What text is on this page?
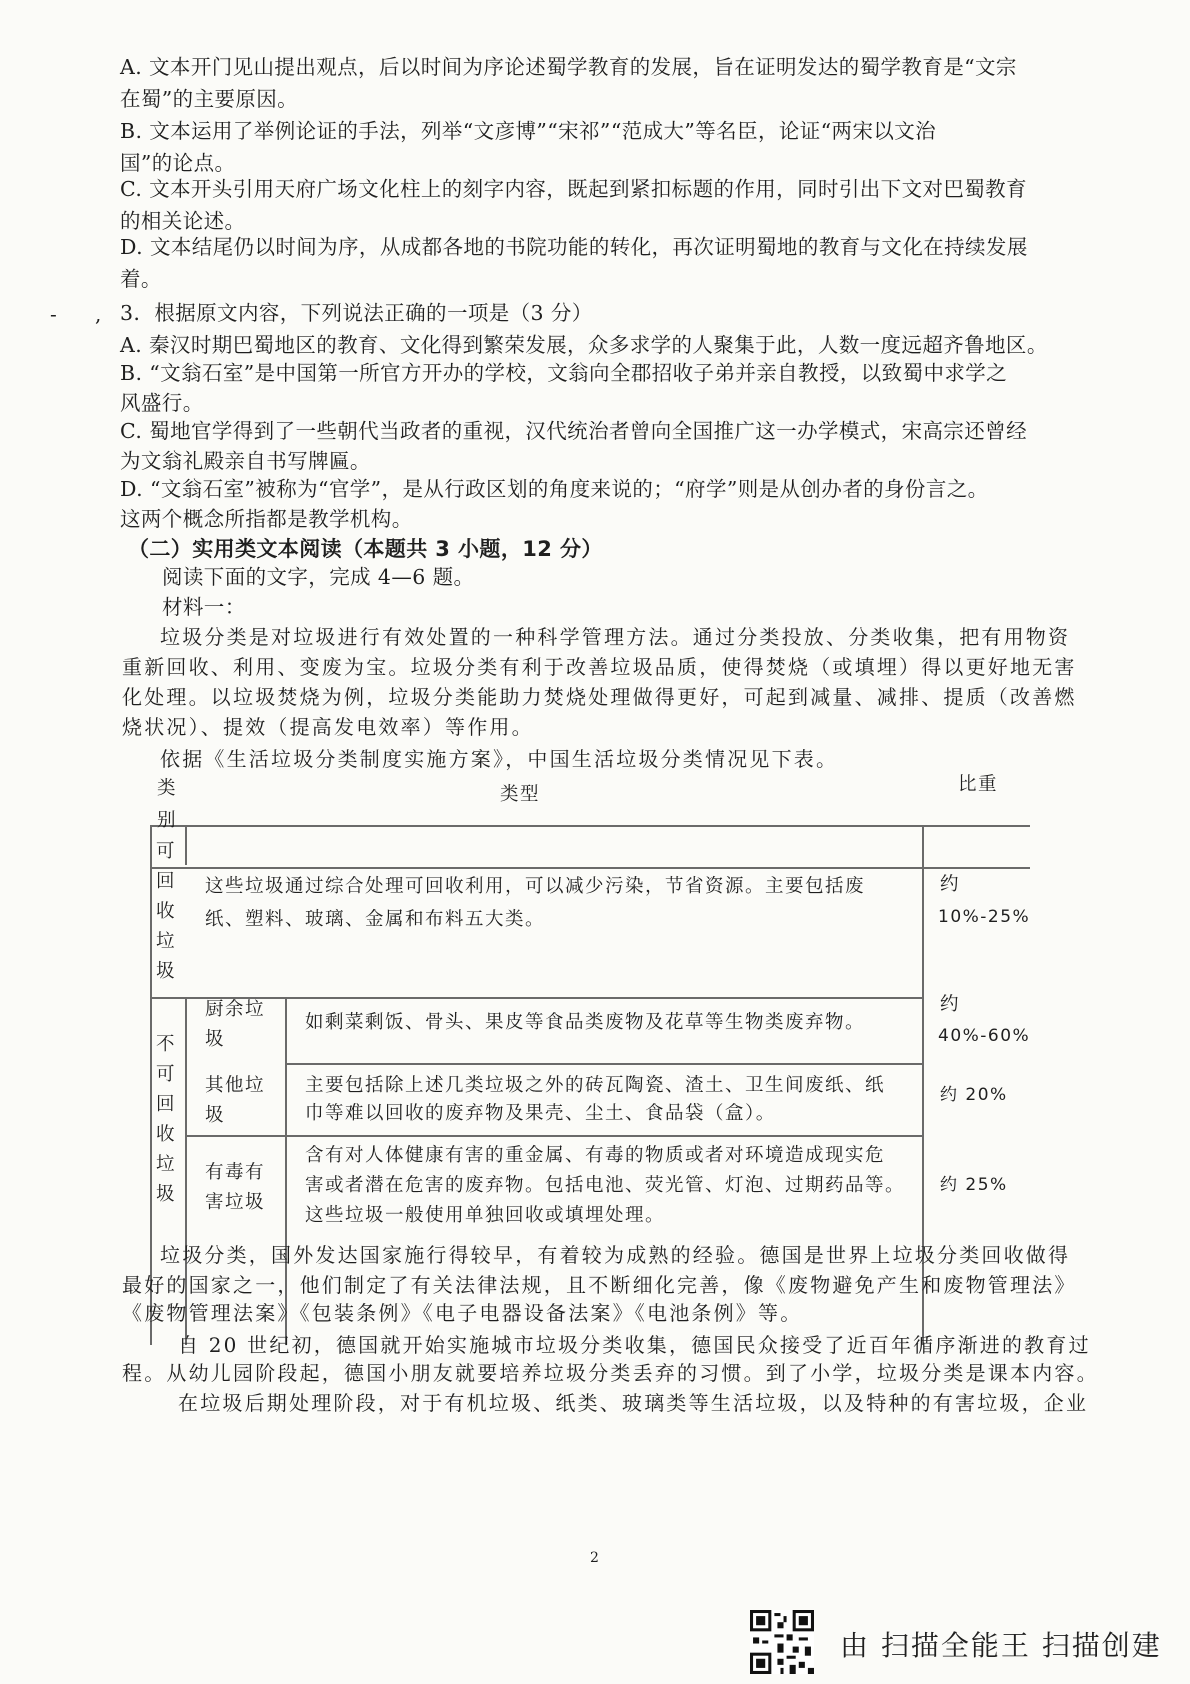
A. 文本开门见山提出观点，后以时间为序论述蜀学教育的发展，旨在证明发达的蜀学教育是“文宗
在蜀”的主要原因。
B. 文本运用了举例论证的手法，列举“文彦博”“宋祁”“范成大”等名臣，论证“两宋以文治
国”的论点。
C. 文本开头引用天府广场文化柱上的刻字内容，既起到紧扣标题的作用，同时引出下文对巴蜀教育
的相关论述。
D. 文本结尾仍以时间为序，从成都各地的书院功能的转化，再次证明蜀地的教育与文化在持续发展
着。
- , 3．根据原文内容，下列说法正确的一项是（3 分）
A. 秦汉时期巴蜀地区的教育、文化得到繁荣发展，众多求学的人聚集于此，人数一度远超齐鲁地区。
B. “文翁石室”是中国第一所官方开办的学校，文翁向全郡招收子弟并亲自教授，以致蜀中求学之
风盛行。
C. 蜀地官学得到了一些朝代当政者的重视，汉代统治者曾向全国推广这一办学模式，宋高宗还曾经
为文翁礼殿亲自书写牌匾。
D. “文翁石室”被称为“官学”，是从行政区划的角度来说的；“府学”则是从创办者的身份言之。
这两个概念所指都是教学机构。
（二）实用类文本阅读（本题共 3 小题，12 分）
阅读下面的文字，完成 4—6 题。
材料一：
垃圾分类是对垃圾进行有效处置的一种科学管理方法。通过分类投放、分类收集，把有用物资
重新回收、利用、变废为宝。垃圾分类有利于改善垃圾品质，使得焚烧（或填埋）得以更好地无害
化处理。以垃圾焚烧为例，垃圾分类能助力焚烧处理做得更好，可起到减量、减排、提质（改善燃
烧状况）、提效（提高发电效率）等作用。
依据《生活垃圾分类制度实施方案》，中国生活垃圾分类情况见下表。
类别
类型	比重
可回收垃圾
这些垃圾通过综合处理可回收利用，可以减少污染，节省资源。主要包括废
纸、塑料、玻璃、金属和布料五大类。
约
10%-25%
不可回收垃圾
厨余垃
圾
如剩菜剩饭、骨头、果皮等食品类废物及花草等生物类废弃物。
约
40%-60%
其他垃
圾
主要包括除上述几类垃圾之外的砖瓦陶瓷、渣土、卫生间废纸、纸
巾等难以回收的废弃物及果壳、尘土、食品袋（盒）。
约 20%
有毒有
害垃圾
含有对人体健康有害的重金属、有毒的物质或者对环境造成现实危
害或者潜在危害的废弃物。包括电池、荧光管、灯泡、过期药品等。
这些垃圾一般使用单独回收或填埋处理。
约 25%
垃圾分类，国外发达国家施行得较早，有着较为成熟的经验。德国是世界上垃圾分类回收做得
最好的国家之一，他们制定了有关法律法规，且不断细化完善，像《废物避免产生和废物管理法》
《废物管理法案》《包装条例》《电子电器设备法案》《电池条例》等。
自 20 世纪初，德国就开始实施城市垃圾分类收集，德国民众接受了近百年循序渐进的教育过
程。从幼儿园阶段起，德国小朋友就要培养垃圾分类丢弃的习惯。到了小学，垃圾分类是课本内容。
在垃圾后期处理阶段，对于有机垃圾、纸类、玻璃类等生活垃圾，以及特种的有害垃圾，企业
2
由 扫描全能王 扫描创建
